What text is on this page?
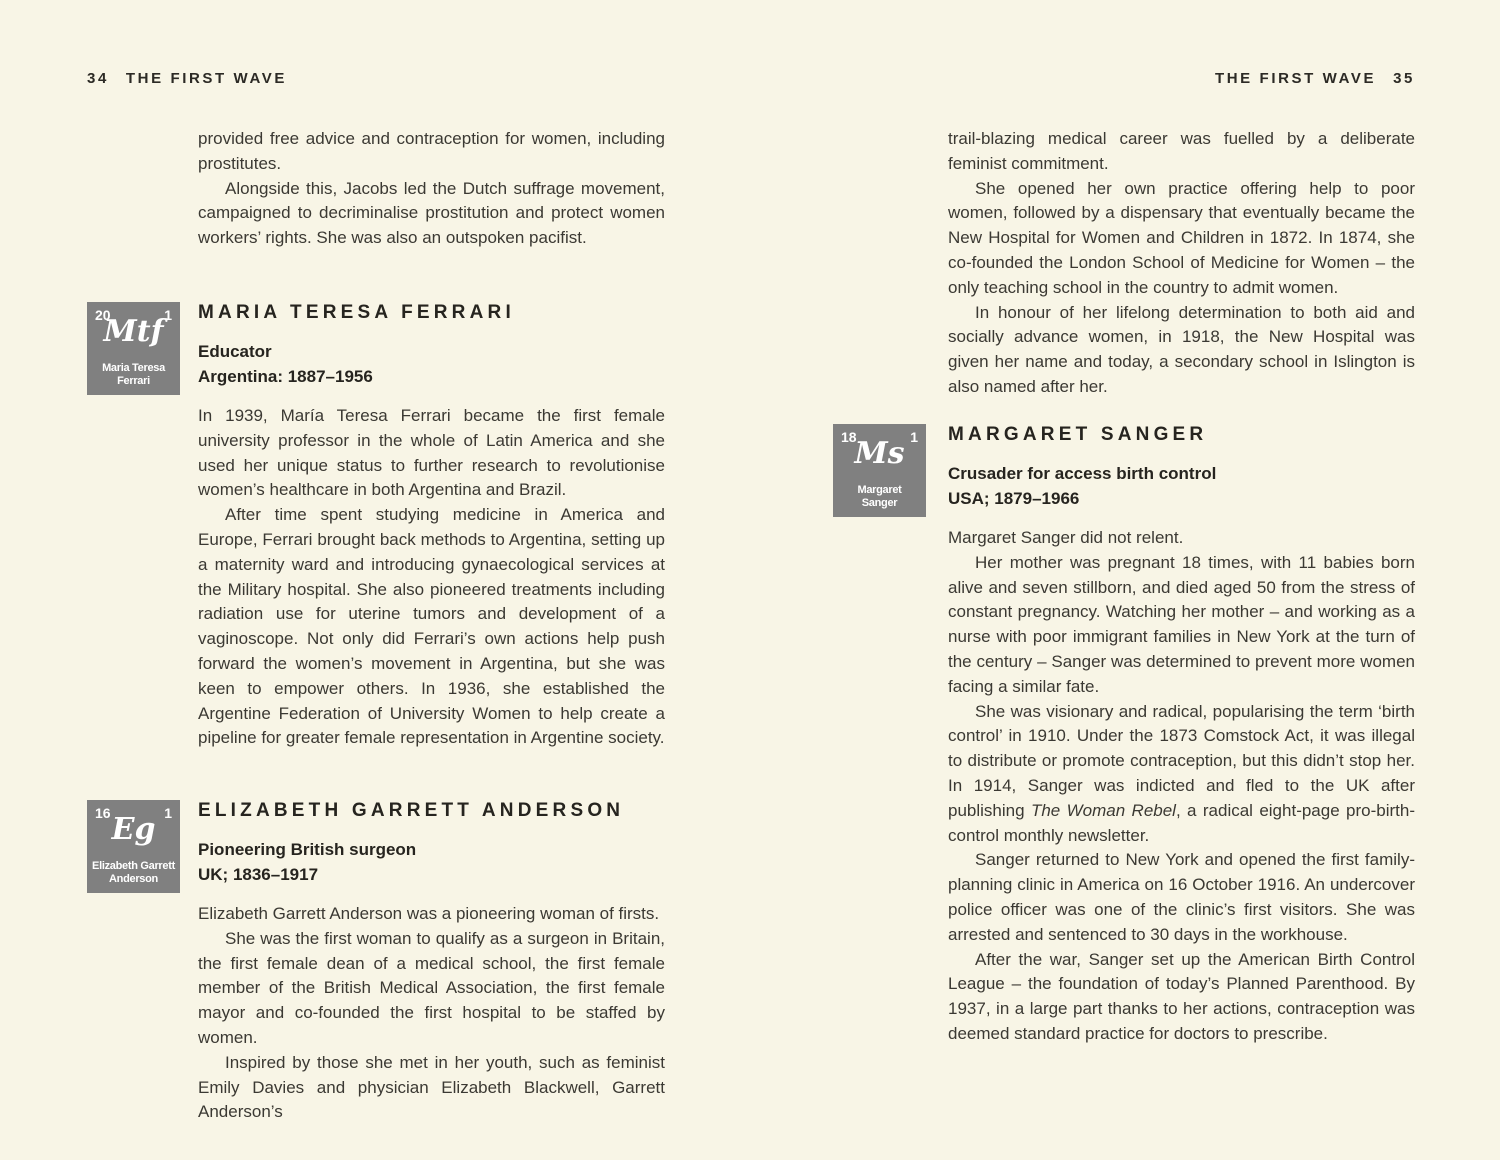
34 THE FIRST WAVE

provided free advice and contraception for women, including prostitutes.

Alongside this, Jacobs led the Dutch suffrage movement, campaigned to decriminalise prostitution and protect women workers’ rights. She was also an outspoken pacifist.

20	1
Mtf
Maria Teresa
Ferrari
MARIA TERESA FERRARI
Educator
Argentina: 1887–1956

In 1939, María Teresa Ferrari became the first female university professor in the whole of Latin America and she used her unique status to further research to revolutionise women’s healthcare in both Argentina and Brazil.

After time spent studying medicine in America and Europe, Ferrari brought back methods to Argentina, setting up a maternity ward and introducing gynaecological services at the Military hospital. She also pioneered treatments including radiation use for uterine tumors and development of a vaginoscope. Not only did Ferrari’s own actions help push forward the women’s movement in Argentina, but she was keen to empower others. In 1936, she established the Argentine Federation of University Women to help create a pipeline for greater female representation in Argentine society.

16	1
Eg
Elizabeth Garrett
Anderson
ELIZABETH GARRETT ANDERSON
Pioneering British surgeon
UK; 1836–1917

Elizabeth Garrett Anderson was a pioneering woman of firsts.

She was the first woman to qualify as a surgeon in Britain, the first female dean of a medical school, the first female member of the British Medical Association, the first female mayor and co-founded the first hospital to be staffed by women.

Inspired by those she met in her youth, such as feminist Emily Davies and physician Elizabeth Blackwell, Garrett Anderson’s

THE FIRST WAVE 35

trail-blazing medical career was fuelled by a deliberate feminist commitment.

She opened her own practice offering help to poor women, followed by a dispensary that eventually became the New Hospital for Women and Children in 1872. In 1874, she co-founded the London School of Medicine for Women – the only teaching school in the country to admit women.

In honour of her lifelong determination to both aid and socially advance women, in 1918, the New Hospital was given her name and today, a secondary school in Islington is also named after her.

18	1
Ms
Margaret
Sanger
MARGARET SANGER
Crusader for access birth control
USA; 1879–1966

Margaret Sanger did not relent.

Her mother was pregnant 18 times, with 11 babies born alive and seven stillborn, and died aged 50 from the stress of constant pregnancy. Watching her mother – and working as a nurse with poor immigrant families in New York at the turn of the century – Sanger was determined to prevent more women facing a similar fate.

She was visionary and radical, popularising the term ‘birth control’ in 1910. Under the 1873 Comstock Act, it was illegal to distribute or promote contraception, but this didn’t stop her. In 1914, Sanger was indicted and fled to the UK after publishing The Woman Rebel, a radical eight-page pro-birth-control monthly newsletter.

Sanger returned to New York and opened the first family-planning clinic in America on 16 October 1916. An undercover police officer was one of the clinic’s first visitors. She was arrested and sentenced to 30 days in the workhouse.

After the war, Sanger set up the American Birth Control League – the foundation of today’s Planned Parenthood. By 1937, in a large part thanks to her actions, contraception was deemed standard practice for doctors to prescribe.
